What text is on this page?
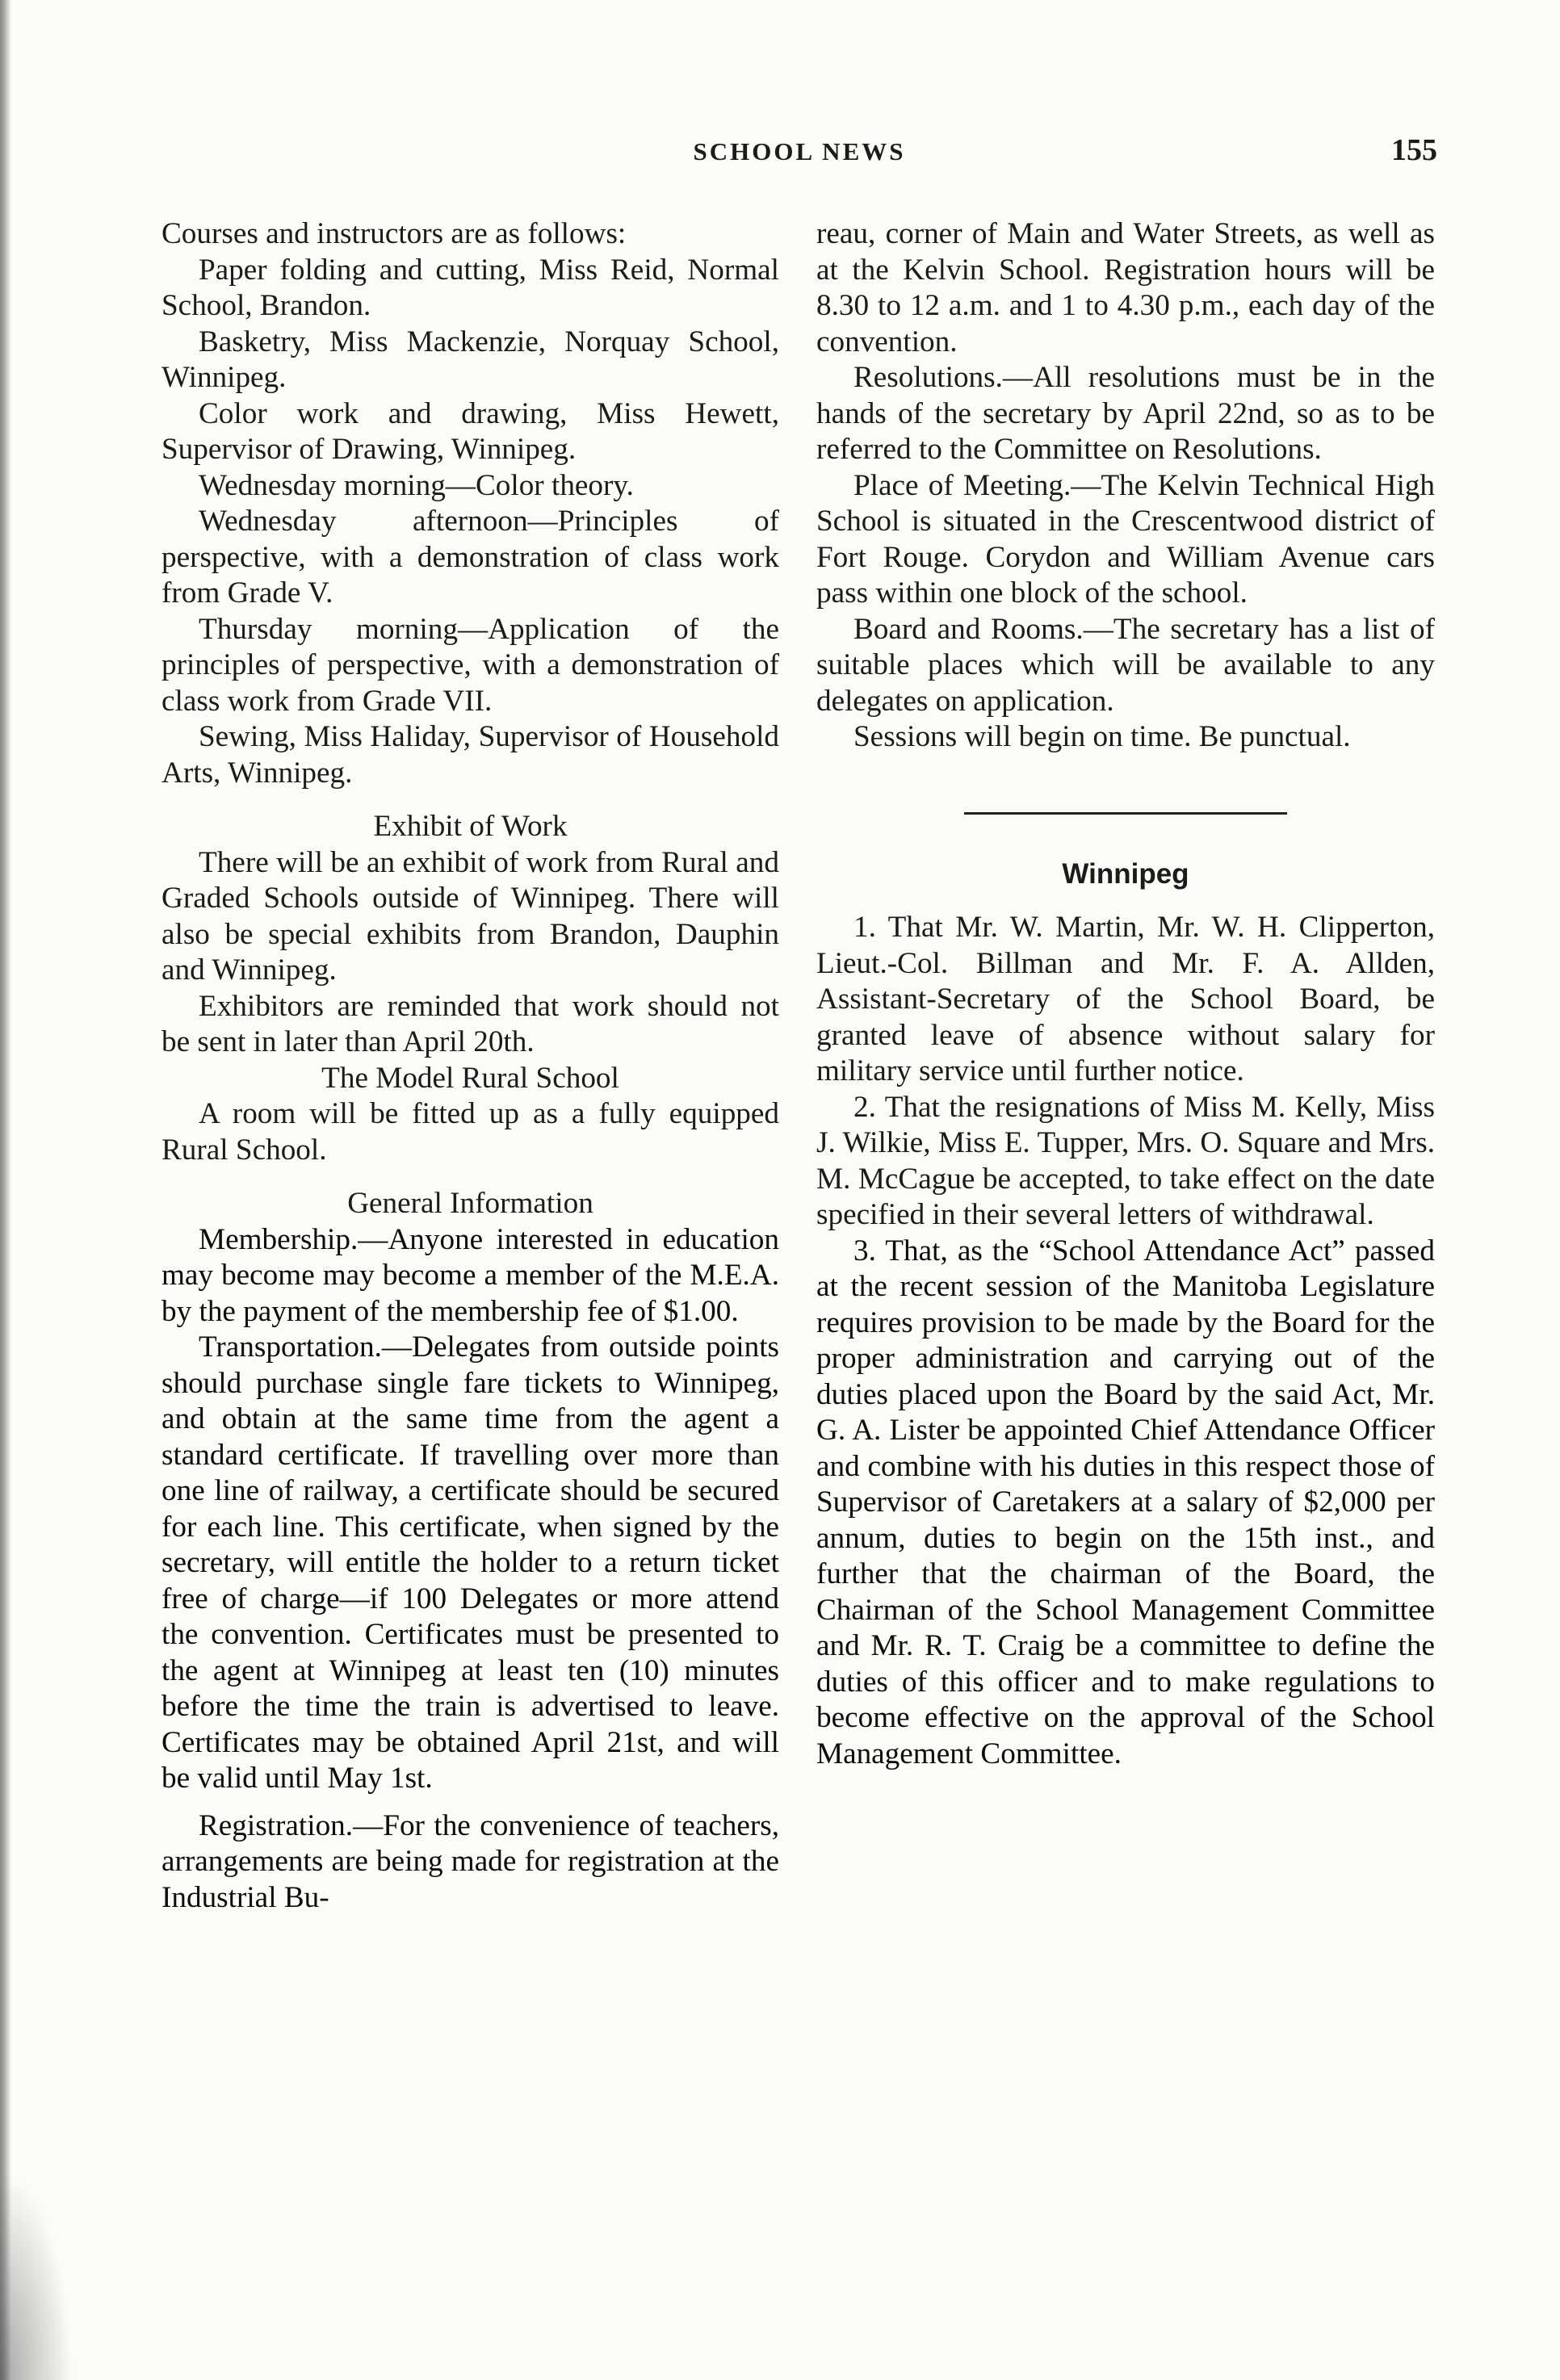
SCHOOL NEWS	155

Courses and instructors are as follows:

Paper folding and cutting, Miss Reid, Normal School, Brandon.

Basketry, Miss Mackenzie, Norquay School, Winnipeg.

Color work and drawing, Miss Hewett, Supervisor of Drawing, Winnipeg.

Wednesday morning—Color theory.

Wednesday afternoon—Principles of perspective, with a demonstration of class work from Grade V.

Thursday morning—Application of the principles of perspective, with a demonstration of class work from Grade VII.

Sewing, Miss Haliday, Supervisor of Household Arts, Winnipeg.

Exhibit of Work

There will be an exhibit of work from Rural and Graded Schools outside of Winnipeg. There will also be special exhibits from Brandon, Dauphin and Winnipeg.

Exhibitors are reminded that work should not be sent in later than April 20th.

The Model Rural School

A room will be fitted up as a fully equipped Rural School.

General Information

Membership.—Anyone interested in education may become may become a member of the M.E.A. by the payment of the membership fee of $1.00.

Transportation.—Delegates from outside points should purchase single fare tickets to Winnipeg, and obtain at the same time from the agent a standard certificate. If travelling over more than one line of railway, a certificate should be secured for each line. This certificate, when signed by the secretary, will entitle the holder to a return ticket free of charge—if 100 Delegates or more attend the convention. Certificates must be presented to the agent at Winnipeg at least ten (10) minutes before the time the train is advertised to leave. Certificates may be obtained April 21st, and will be valid until May 1st.

Registration.—For the convenience of teachers, arrangements are being made for registration at the Industrial Bu-

reau, corner of Main and Water Streets, as well as at the Kelvin School. Registration hours will be 8.30 to 12 a.m. and 1 to 4.30 p.m., each day of the convention.

Resolutions.—All resolutions must be in the hands of the secretary by April 22nd, so as to be referred to the Committee on Resolutions.

Place of Meeting.—The Kelvin Technical High School is situated in the Crescentwood district of Fort Rouge. Corydon and William Avenue cars pass within one block of the school.

Board and Rooms.—The secretary has a list of suitable places which will be available to any delegates on application.

Sessions will begin on time. Be punctual.

Winnipeg

1. That Mr. W. Martin, Mr. W. H. Clipperton, Lieut.-Col. Billman and Mr. F. A. Allden, Assistant-Secretary of the School Board, be granted leave of absence without salary for military service until further notice.

2. That the resignations of Miss M. Kelly, Miss J. Wilkie, Miss E. Tupper, Mrs. O. Square and Mrs. M. McCague be accepted, to take effect on the date specified in their several letters of withdrawal.

3. That, as the “School Attendance Act” passed at the recent session of the Manitoba Legislature requires provision to be made by the Board for the proper administration and carrying out of the duties placed upon the Board by the said Act, Mr. G. A. Lister be appointed Chief Attendance Officer and combine with his duties in this respect those of Supervisor of Caretakers at a salary of $2,000 per annum, duties to begin on the 15th inst., and further that the chairman of the Board, the Chairman of the School Management Committee and Mr. R. T. Craig be a committee to define the duties of this officer and to make regulations to become effective on the approval of the School Management Committee.
